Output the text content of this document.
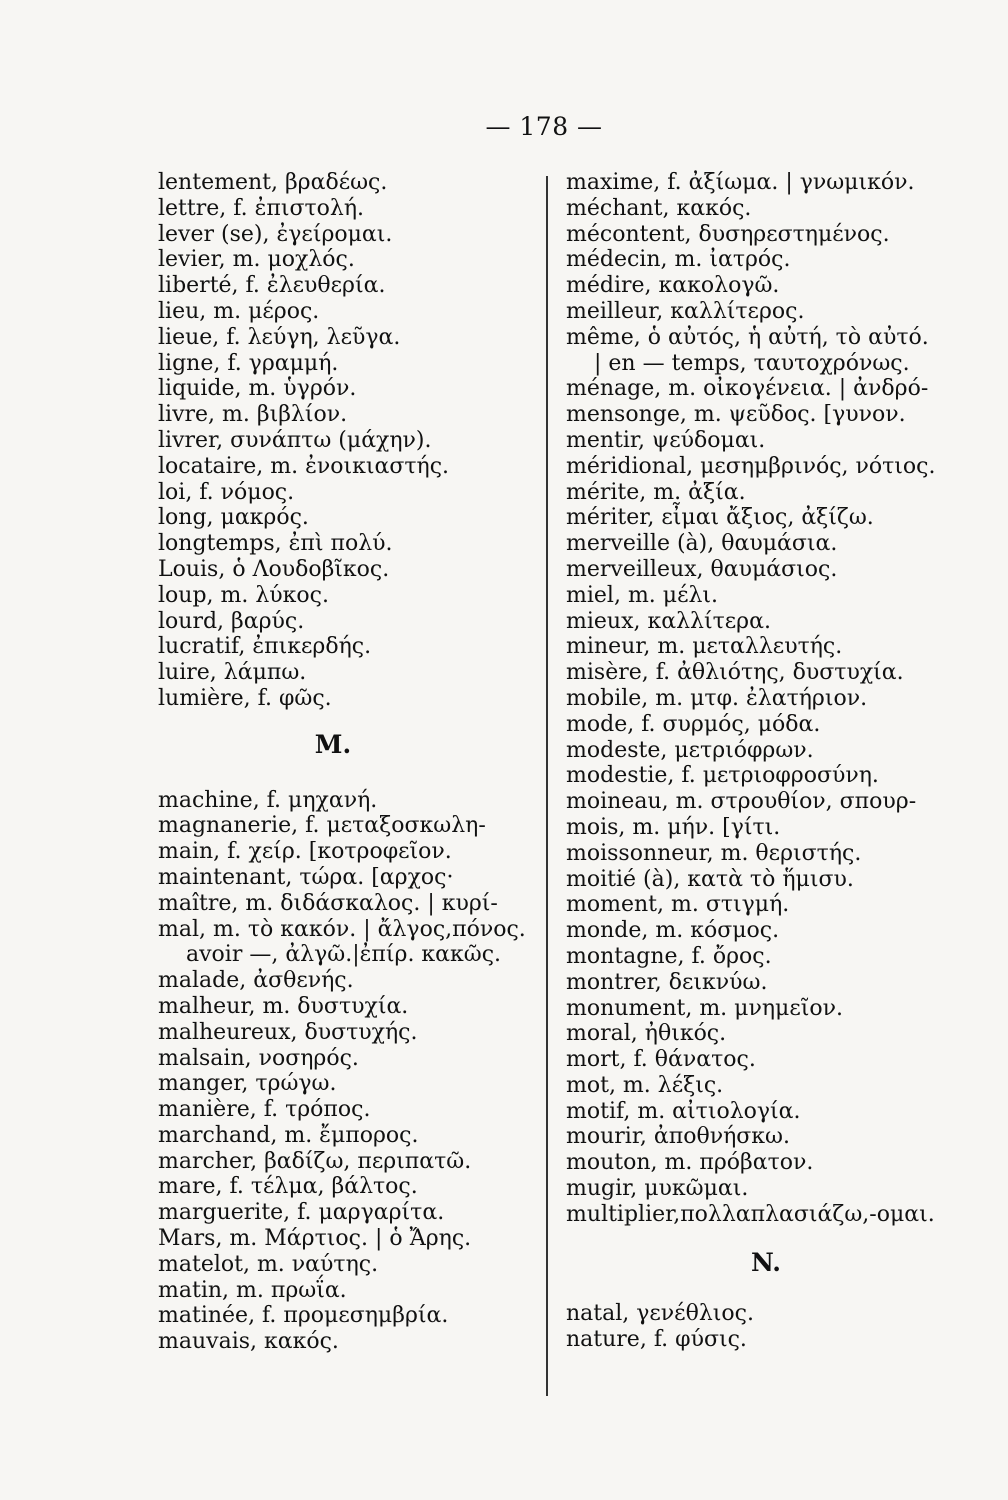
— 178 —
lentement, βραδέως.
lettre, f. ἐπιστολή.
lever (se), ἐγείρομαι.
levier, m. μοχλός.
liberté, f. ἐλευθερία.
lieu, m. μέρος.
lieue, f. λεύγη, λεῦγα.
ligne, f. γραμμή.
liquide, m. ὑγρόν.
livre, m. βιβλίον.
livrer, συνάπτω (μάχην).
locataire, m. ἐνοικιαστής.
loi, f. νόμος.
long, μακρός.
longtemps, ἐπὶ πολύ.
Louis, ὁ Λουδοβῖκος.
loup, m. λύκος.
lourd, βαρύς.
lucratif, ἐπικερδής.
luire, λάμπω.
lumière, f. φῶς.
M.
machine, f. μηχανή.
magnanerie, f. μεταξοσκωλη-
main, f. χείρ. [κοτροφεῖον.
maintenant, τώρα. [αρχος·
maître, m. διδάσκαλος. | κυρί-
mal, m. τὸ κακόν. | ἄλγος,πόνος.
avoir —, ἀλγῶ.|ἐπίρ. κακῶς.
malade, ἀσθενής.
malheur, m. δυστυχία.
malheureux, δυστυχής.
malsain, νοσηρός.
manger, τρώγω.
manière, f. τρόπος.
marchand, m. ἔμπορος.
marcher, βαδίζω, περιπατῶ.
mare, f. τέλμα, βάλτος.
marguerite, f. μαργαρίτα.
Mars, m. Μάρτιος. | ὁ Ἄρης.
matelot, m. ναύτης.
matin, m. πρωΐα.
matinée, f. προμεσημβρία.
mauvais, κακός.
maxime, f. ἀξίωμα. | γνωμικόν.
méchant, κακός.
mécontent, δυσηρεστημένος.
médecin, m. ἰατρός.
médire, κακολογῶ.
meilleur, καλλίτερος.
même, ὁ αὐτός, ἡ αὐτή, τὸ αὐτό.
| en — temps, ταυτοχρόνως.
ménage, m. οἰκογένεια. | ἀνδρό-
mensonge, m. ψεῦδος. [γυνον.
mentir, ψεύδομαι.
méridional, μεσημβρινός, νότιος.
mérite, m. ἀξία.
mériter, εἶμαι ἄξιος, ἀξίζω.
merveille (à), θαυμάσια.
merveilleux, θαυμάσιος.
miel, m. μέλι.
mieux, καλλίτερα.
mineur, m. μεταλλευτής.
misère, f. ἀθλιότης, δυστυχία.
mobile, m. μτφ. ἐλατήριον.
mode, f. συρμός, μόδα.
modeste, μετριόφρων.
modestie, f. μετριοφροσύνη.
moineau, m. στρουθίον, σπουρ-
mois, m. μήν. [γίτι.
moissonneur, m. θεριστής.
moitié (à), κατὰ τὸ ἥμισυ.
moment, m. στιγμή.
monde, m. κόσμος.
montagne, f. ὄρος.
montrer, δεικνύω.
monument, m. μνημεῖον.
moral, ἠθικός.
mort, f. θάνατος.
mot, m. λέξις.
motif, m. αἰτιολογία.
mourir, ἀποθνήσκω.
mouton, m. πρόβατον.
mugir, μυκῶμαι.
multiplier,πολλαπλασιάζω,-ομαι.
N.
natal, γενέθλιος.
nature, f. φύσις.
